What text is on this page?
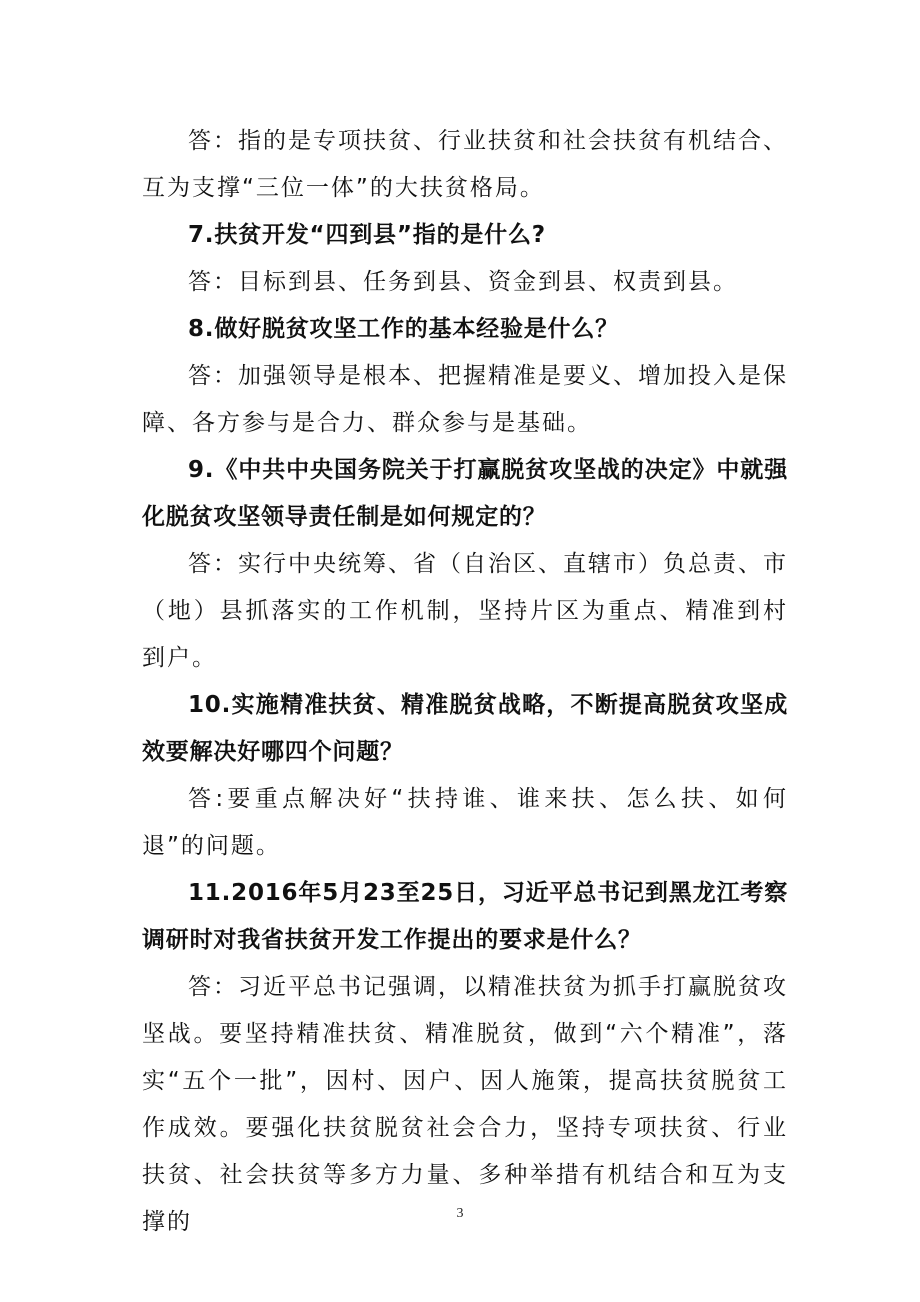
答：指的是专项扶贫、行业扶贫和社会扶贫有机结合、互为支撑“三位一体”的大扶贫格局。

7.扶贫开发“四到县”指的是什么?

答：目标到县、任务到县、资金到县、权责到县。

8.做好脱贫攻坚工作的基本经验是什么？

答：加强领导是根本、把握精准是要义、增加投入是保障、各方参与是合力、群众参与是基础。

9.《中共中央国务院关于打赢脱贫攻坚战的决定》中就强化脱贫攻坚领导责任制是如何规定的？

答：实行中央统筹、省（自治区、直辖市）负总责、市（地）县抓落实的工作机制，坚持片区为重点、精准到村到户。

10.实施精准扶贫、精准脱贫战略，不断提高脱贫攻坚成效要解决好哪四个问题？

答:要重点解决好“扶持谁、谁来扶、怎么扶、如何退”的问题。

11.2016年5月23至25日，习近平总书记到黑龙江考察调研时对我省扶贫开发工作提出的要求是什么？

答：习近平总书记强调，以精准扶贫为抓手打赢脱贫攻坚战。要坚持精准扶贫、精准脱贫，做到“六个精准”，落实“五个一批”，因村、因户、因人施策，提高扶贫脱贫工作成效。要强化扶贫脱贫社会合力，坚持专项扶贫、行业扶贫、社会扶贫等多方力量、多种举措有机结合和互为支撑的	3
